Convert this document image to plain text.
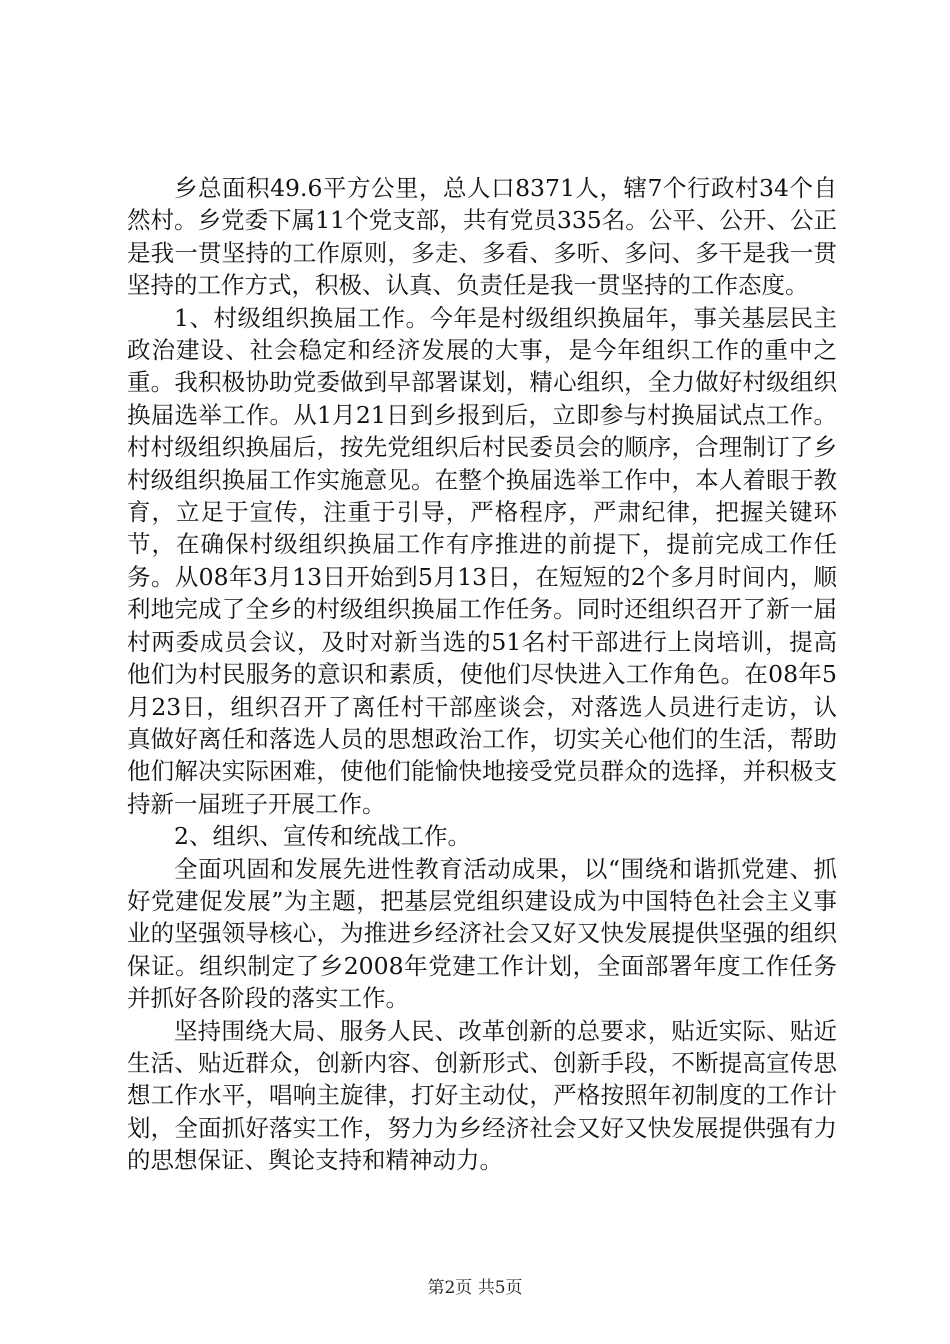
乡总面积49.6平方公里，总人口8371人，辖7个行政村34个自然村。乡党委下属11个党支部，共有党员335名。公平、公开、公正是我一贯坚持的工作原则，多走、多看、多听、多问、多干是我一贯坚持的工作方式，积极、认真、负责任是我一贯坚持的工作态度。

1、村级组织换届工作。今年是村级组织换届年，事关基层民主政治建设、社会稳定和经济发展的大事，是今年组织工作的重中之重。我积极协助党委做到早部署谋划，精心组织，全力做好村级组织换届选举工作。从1月21日到乡报到后，立即参与村换届试点工作。村村级组织换届后，按先党组织后村民委员会的顺序，合理制订了乡村级组织换届工作实施意见。在整个换届选举工作中，本人着眼于教育，立足于宣传，注重于引导，严格程序，严肃纪律，把握关键环节，在确保村级组织换届工作有序推进的前提下，提前完成工作任务。从08年3月13日开始到5月13日，在短短的2个多月时间内，顺利地完成了全乡的村级组织换届工作任务。同时还组织召开了新一届村两委成员会议，及时对新当选的51名村干部进行上岗培训，提高他们为村民服务的意识和素质，使他们尽快进入工作角色。在08年5月23日，组织召开了离任村干部座谈会，对落选人员进行走访，认真做好离任和落选人员的思想政治工作，切实关心他们的生活，帮助他们解决实际困难，使他们能愉快地接受党员群众的选择，并积极支持新一届班子开展工作。

2、组织、宣传和统战工作。

全面巩固和发展先进性教育活动成果，以“围绕和谐抓党建、抓好党建促发展”为主题，把基层党组织建设成为中国特色社会主义事业的坚强领导核心，为推进乡经济社会又好又快发展提供坚强的组织保证。组织制定了乡2008年党建工作计划，全面部署年度工作任务并抓好各阶段的落实工作。

坚持围绕大局、服务人民、改革创新的总要求，贴近实际、贴近生活、贴近群众，创新内容、创新形式、创新手段，不断提高宣传思想工作水平，唱响主旋律，打好主动仗，严格按照年初制度的工作计划，全面抓好落实工作，努力为乡经济社会又好又快发展提供强有力的思想保证、舆论支持和精神动力。

第2页 共5页
